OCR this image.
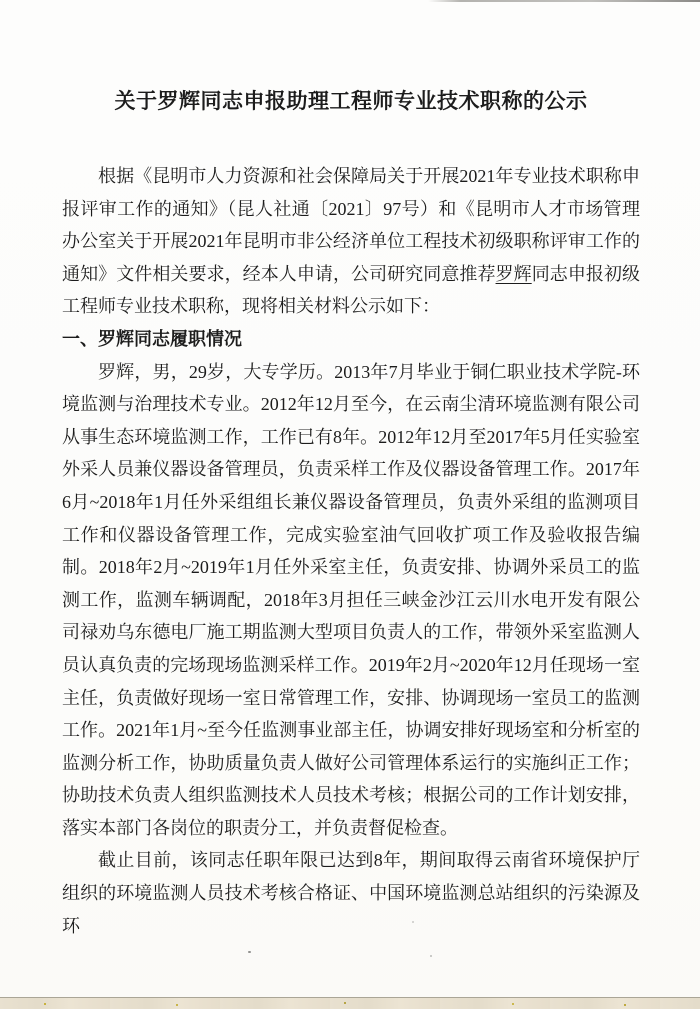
关于罗辉同志申报助理工程师专业技术职称的公示

根据《昆明市人力资源和社会保障局关于开展2021年专业技术职称申报评审工作的通知》（昆人社通〔2021〕97号）和《昆明市人才市场管理办公室关于开展2021年昆明市非公经济单位工程技术初级职称评审工作的通知》文件相关要求，经本人申请，公司研究同意推荐罗辉同志申报初级工程师专业技术职称，现将相关材料公示如下：

一、罗辉同志履职情况

罗辉，男，29岁，大专学历。2013年7月毕业于铜仁职业技术学院-环境监测与治理技术专业。2012年12月至今，在云南尘清环境监测有限公司从事生态环境监测工作，工作已有8年。2012年12月至2017年5月任实验室外采人员兼仪器设备管理员，负责采样工作及仪器设备管理工作。2017年6月~2018年1月任外采组组长兼仪器设备管理员，负责外采组的监测项目工作和仪器设备管理工作，完成实验室油气回收扩项工作及验收报告编制。2018年2月~2019年1月任外采室主任，负责安排、协调外采员工的监测工作，监测车辆调配，2018年3月担任三峡金沙江云川水电开发有限公司禄劝乌东德电厂施工期监测大型项目负责人的工作，带领外采室监测人员认真负责的完场现场监测采样工作。2019年2月~2020年12月任现场一室主任，负责做好现场一室日常管理工作，安排、协调现场一室员工的监测工作。2021年1月~至今任监测事业部主任，协调安排好现场室和分析室的监测分析工作，协助质量负责人做好公司管理体系运行的实施纠正工作；协助技术负责人组织监测技术人员技术考核；根据公司的工作计划安排，落实本部门各岗位的职责分工，并负责督促检查。

截止目前，该同志任职年限已达到8年，期间取得云南省环境保护厅组织的环境监测人员技术考核合格证、中国环境监测总站组织的污染源及环
